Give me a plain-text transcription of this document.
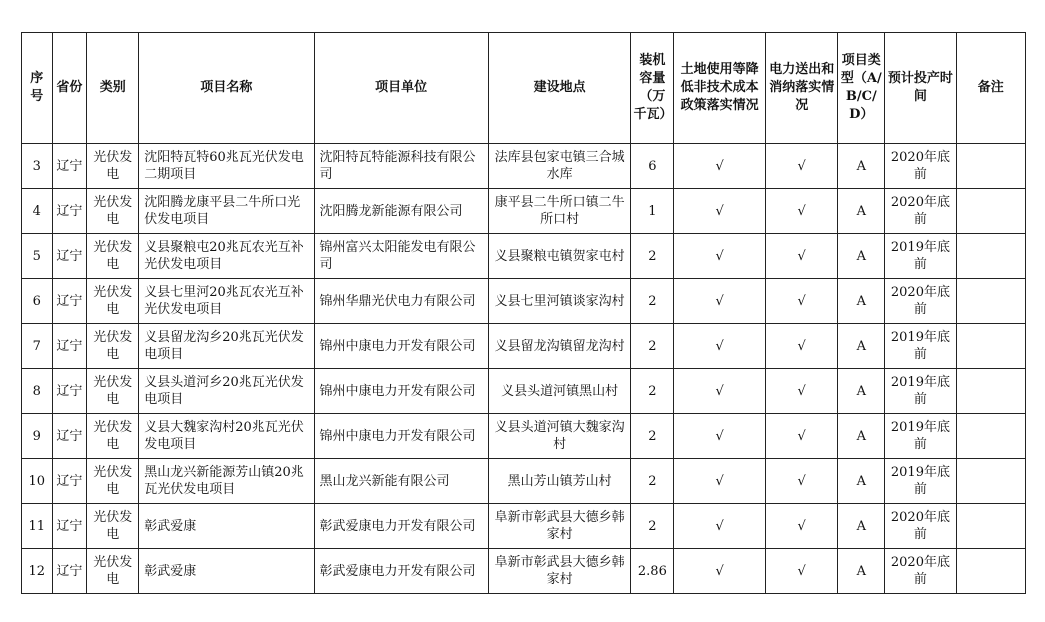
序号	省份	类别	项目名称	项目单位	建设地点	装机容量（万千瓦）	土地使用等降低非技术成本政策落实情况	电力送出和消纳落实情况	项目类型（A/B/C/D）	预计投产时间	备注
3	辽宁	光伏发电	沈阳特瓦特60兆瓦光伏发电二期项目	沈阳特瓦特能源科技有限公司	法库县包家屯镇三合城水库	6	√	√	A	2020年底前	
4	辽宁	光伏发电	沈阳腾龙康平县二牛所口光伏发电项目	沈阳腾龙新能源有限公司	康平县二牛所口镇二牛所口村	1	√	√	A	2020年底前	
5	辽宁	光伏发电	义县聚粮屯20兆瓦农光互补光伏发电项目	锦州富兴太阳能发电有限公司	义县聚粮屯镇贺家屯村	2	√	√	A	2019年底前	
6	辽宁	光伏发电	义县七里河20兆瓦农光互补光伏发电项目	锦州华鼎光伏电力有限公司	义县七里河镇谈家沟村	2	√	√	A	2020年底前	
7	辽宁	光伏发电	义县留龙沟乡20兆瓦光伏发电项目	锦州中康电力开发有限公司	义县留龙沟镇留龙沟村	2	√	√	A	2019年底前	
8	辽宁	光伏发电	义县头道河乡20兆瓦光伏发电项目	锦州中康电力开发有限公司	义县头道河镇黑山村	2	√	√	A	2019年底前	
9	辽宁	光伏发电	义县大魏家沟村20兆瓦光伏发电项目	锦州中康电力开发有限公司	义县头道河镇大魏家沟村	2	√	√	A	2019年底前	
10	辽宁	光伏发电	黑山龙兴新能源芳山镇20兆瓦光伏发电项目	黑山龙兴新能有限公司	黑山芳山镇芳山村	2	√	√	A	2019年底前	
11	辽宁	光伏发电	彰武爱康	彰武爱康电力开发有限公司	阜新市彰武县大德乡韩家村	2	√	√	A	2020年底前	
12	辽宁	光伏发电	彰武爱康	彰武爱康电力开发有限公司	阜新市彰武县大德乡韩家村	2.86	√	√	A	2020年底前	
